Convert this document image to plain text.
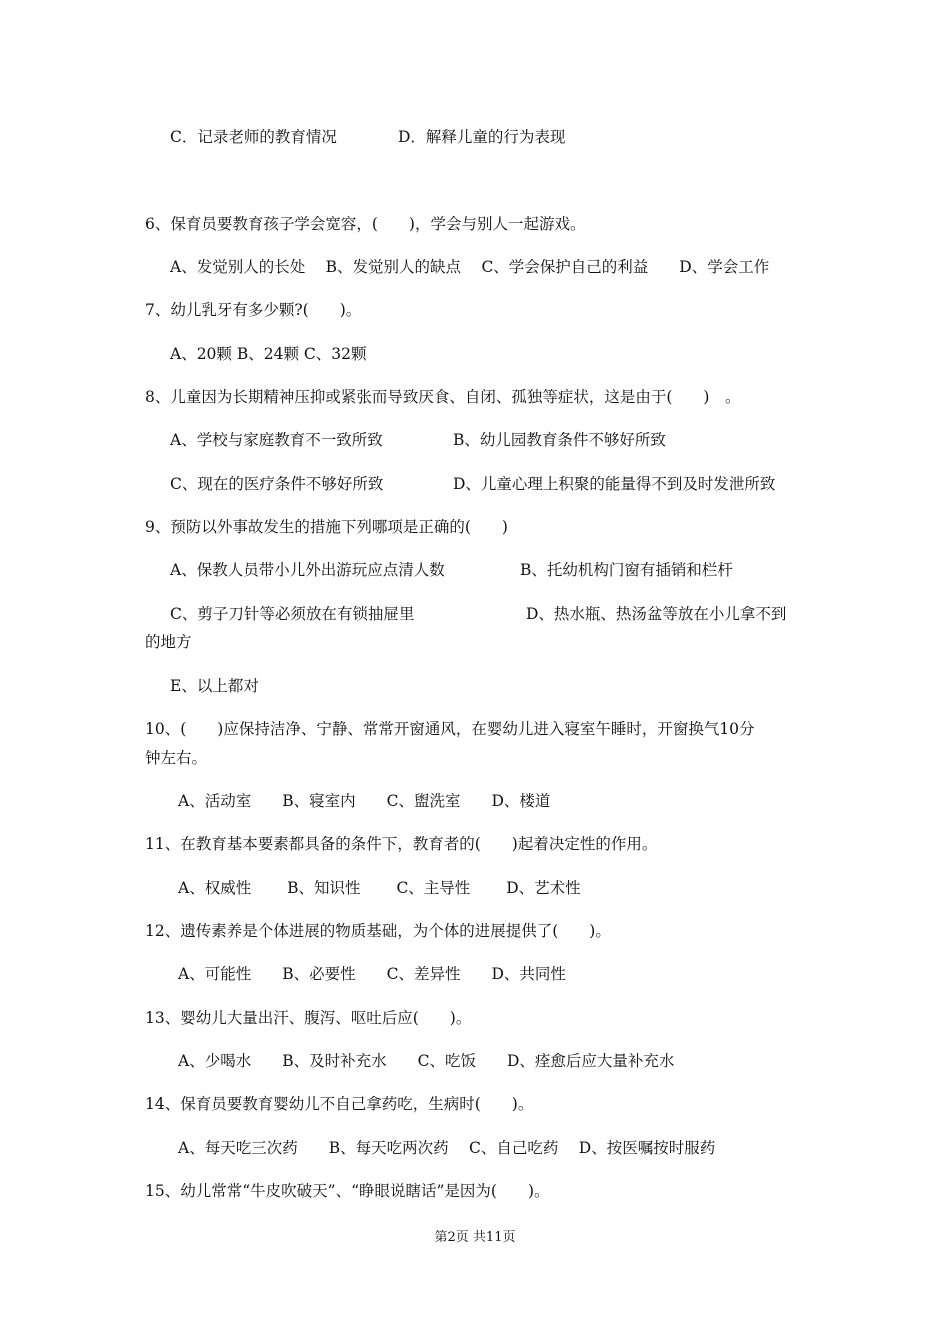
C．记录老师的教育情况	D．解释儿童的行为表现
6、保育员要教育孩子学会宽容，(　　)，学会与别人一起游戏。
A、发觉别人的长处　 B、发觉别人的缺点　 C、学会保护自己的利益　　D、学会工作
7、幼儿乳牙有多少颗?(　　)。
A、20颗 B、24颗 C、32颗
8、儿童因为长期精神压抑或紧张而导致厌食、自闭、孤独等症状，这是由于(　　)　。
A、学校与家庭教育不一致所致	B、幼儿园教育条件不够好所致
C、现在的医疗条件不够好所致	D、儿童心理上积聚的能量得不到及时发泄所致
9、预防以外事故发生的措施下列哪项是正确的(　　)
A、保教人员带小儿外出游玩应点清人数	B、托幼机构门窗有插销和栏杆
C、剪子刀针等必须放在有锁抽屉里	D、热水瓶、热汤盆等放在小儿拿不到
的地方
E、以上都对
10、(　　)应保持洁净、宁静、常常开窗通风，在婴幼儿进入寝室午睡时，开窗换气10分
钟左右。
A、活动室　　B、寝室内　　C、盥洗室　　D、楼道
11、在教育基本要素都具备的条件下，教育者的(　　)起着决定性的作用。
A、权威性　　 B、知识性　　 C、主导性　　 D、艺术性
12、遗传素养是个体进展的物质基础，为个体的进展提供了(　　)。
A、可能性　　B、必要性　　C、差异性　　D、共同性
13、婴幼儿大量出汗、腹泻、呕吐后应(　　)。
A、少喝水　　B、及时补充水　　C、吃饭　　D、痊愈后应大量补充水
14、保育员要教育婴幼儿不自己拿药吃，生病时(　　)。
A、每天吃三次药　　B、每天吃两次药　 C、自己吃药　 D、按医嘱按时服药
15、幼儿常常“牛皮吹破天”、“睁眼说瞎话”是因为(　　)。
第2页 共11页
